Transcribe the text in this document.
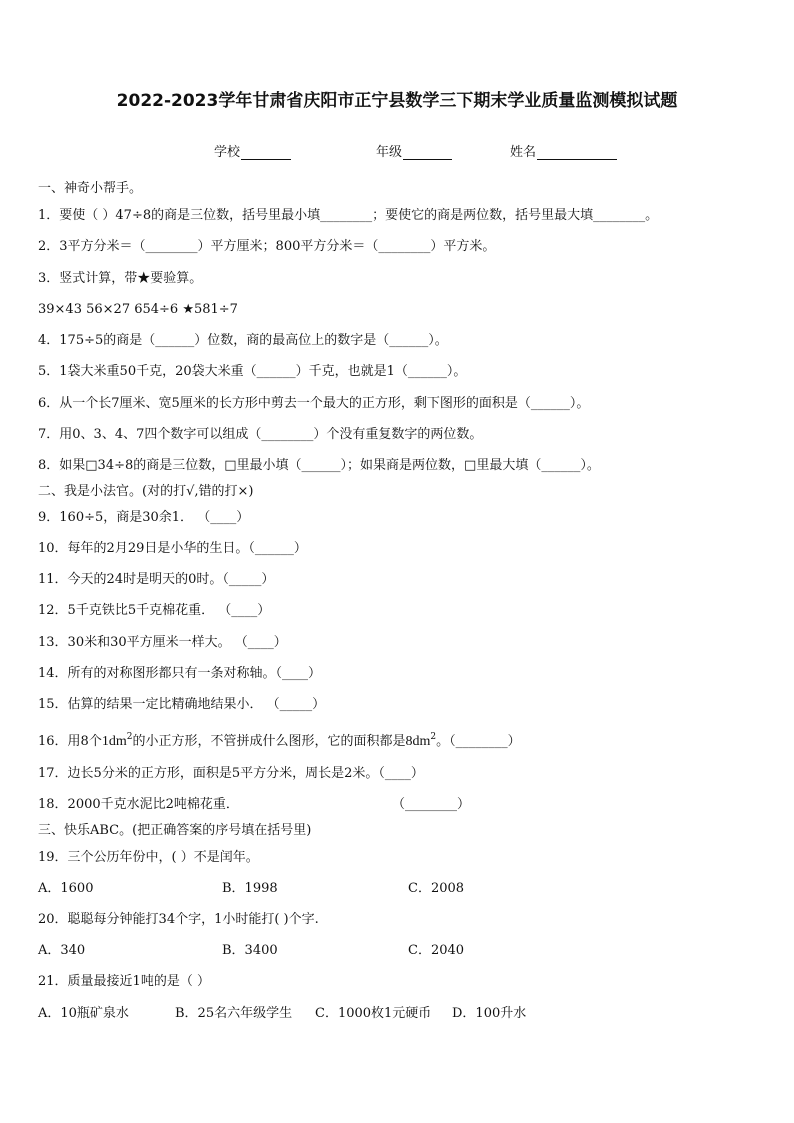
2022-2023学年甘肃省庆阳市正宁县数学三下期末学业质量监测模拟试题
学校	年级	姓名
一、神奇小帮手。
1．要使（ ）47÷8的商是三位数，括号里最小填________；要使它的商是两位数，括号里最大填________。
2．3平方分米＝（________）平方厘米；800平方分米＝（________）平方米。
3．竖式计算，带★要验算。
39×43 56×27 654÷6 ★581÷7
4．175÷5的商是（______）位数，商的最高位上的数字是（______）。
5．1袋大米重50千克，20袋大米重（______）千克，也就是1（______）。
6．从一个长7厘米、宽5厘米的长方形中剪去一个最大的正方形，剩下图形的面积是（______）。
7．用0、3、4、7四个数字可以组成（________）个没有重复数字的两位数。
8．如果□34÷8的商是三位数，□里最小填（______）；如果商是两位数，□里最大填（______）。
二、我是小法官。(对的打√,错的打×)
9．160÷5，商是30余1． （____）
10．每年的2月29日是小华的生日。（______）
11．今天的24时是明天的0时。（_____）
12．5千克铁比5千克棉花重． （____）
13．30米和30平方厘米一样大。 （____）
14．所有的对称图形都只有一条对称轴。（____）
15．估算的结果一定比精确地结果小． （_____）
16．用8个$1dm^2$的小正方形，不管拼成什么图形，它的面积都是$8dm^2$。（________）
17．边长5分米的正方形，面积是5平方分米，周长是2米。（____）
18．2000千克水泥比2吨棉花重．	（________）
三、快乐ABC。(把正确答案的序号填在括号里)
19．三个公历年份中，( ）不是闰年。
A．1600	B．1998	C．2008
20．聪聪每分钟能打34个字，1小时能打( )个字.
A．340	B．3400	C．2040
21．质量最接近1吨的是（ ）
A．10瓶矿泉水	B．25名六年级学生 C．1000枚1元硬币 D．100升水
